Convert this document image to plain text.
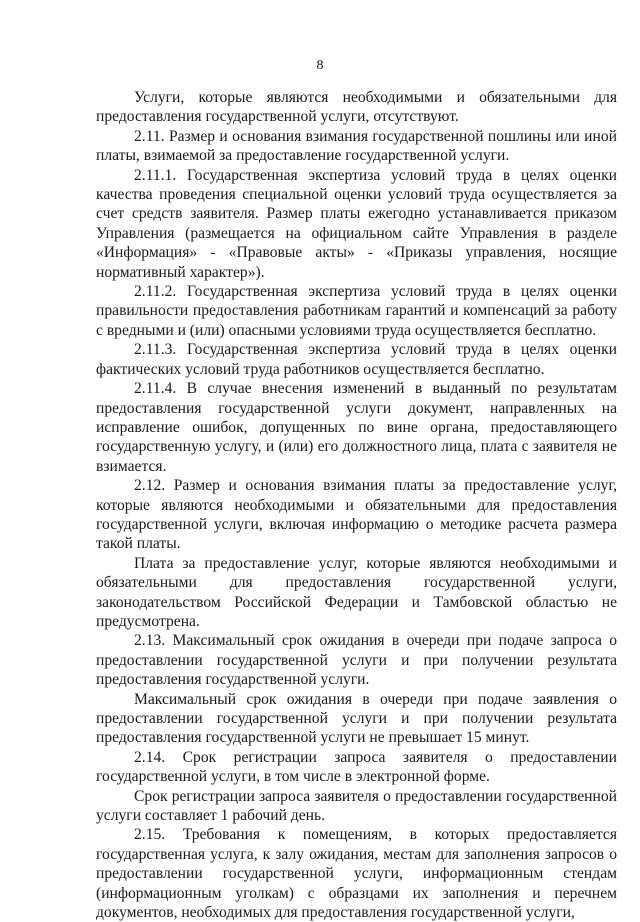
8

Услуги, которые являются необходимыми и обязательными для предоставления государственной услуги, отсутствуют.

2.11. Размер и основания взимания государственной пошлины или иной платы, взимаемой за предоставление государственной услуги.

2.11.1. Государственная экспертиза условий труда в целях оценки качества проведения специальной оценки условий труда осуществляется за счет средств заявителя. Размер платы ежегодно устанавливается приказом Управления (размещается на официальном сайте Управления в разделе «Информация» - «Правовые акты» - «Приказы управления, носящие нормативный характер»).

2.11.2. Государственная экспертиза условий труда в целях оценки правильности предоставления работникам гарантий и компенсаций за работу с вредными и (или) опасными условиями труда осуществляется бесплатно.

2.11.3. Государственная экспертиза условий труда в целях оценки фактических условий труда работников осуществляется бесплатно.

2.11.4. В случае внесения изменений в выданный по результатам предоставления государственной услуги документ, направленных на исправление ошибок, допущенных по вине органа, предоставляющего государственную услугу, и (или) его должностного лица, плата с заявителя не взимается.

2.12. Размер и основания взимания платы за предоставление услуг, которые являются необходимыми и обязательными для предоставления государственной услуги, включая информацию о методике расчета размера такой платы.

Плата за предоставление услуг, которые являются необходимыми и обязательными для предоставления государственной услуги, законодательством Российской Федерации и Тамбовской областью не предусмотрена.

2.13. Максимальный срок ожидания в очереди при подаче запроса о предоставлении государственной услуги и при получении результата предоставления государственной услуги.

Максимальный срок ожидания в очереди при подаче заявления о предоставлении государственной услуги и при получении результата предоставления государственной услуги не превышает 15 минут.

2.14. Срок регистрации запроса заявителя о предоставлении государственной услуги, в том числе в электронной форме.

Срок регистрации запроса заявителя о предоставлении государственной услуги составляет 1 рабочий день.

2.15. Требования к помещениям, в которых предоставляется государственная услуга, к залу ожидания, местам для заполнения запросов о предоставлении государственной услуги, информационным стендам (информационным уголкам) с образцами их заполнения и перечнем документов, необходимых для предоставления государственной услуги,
